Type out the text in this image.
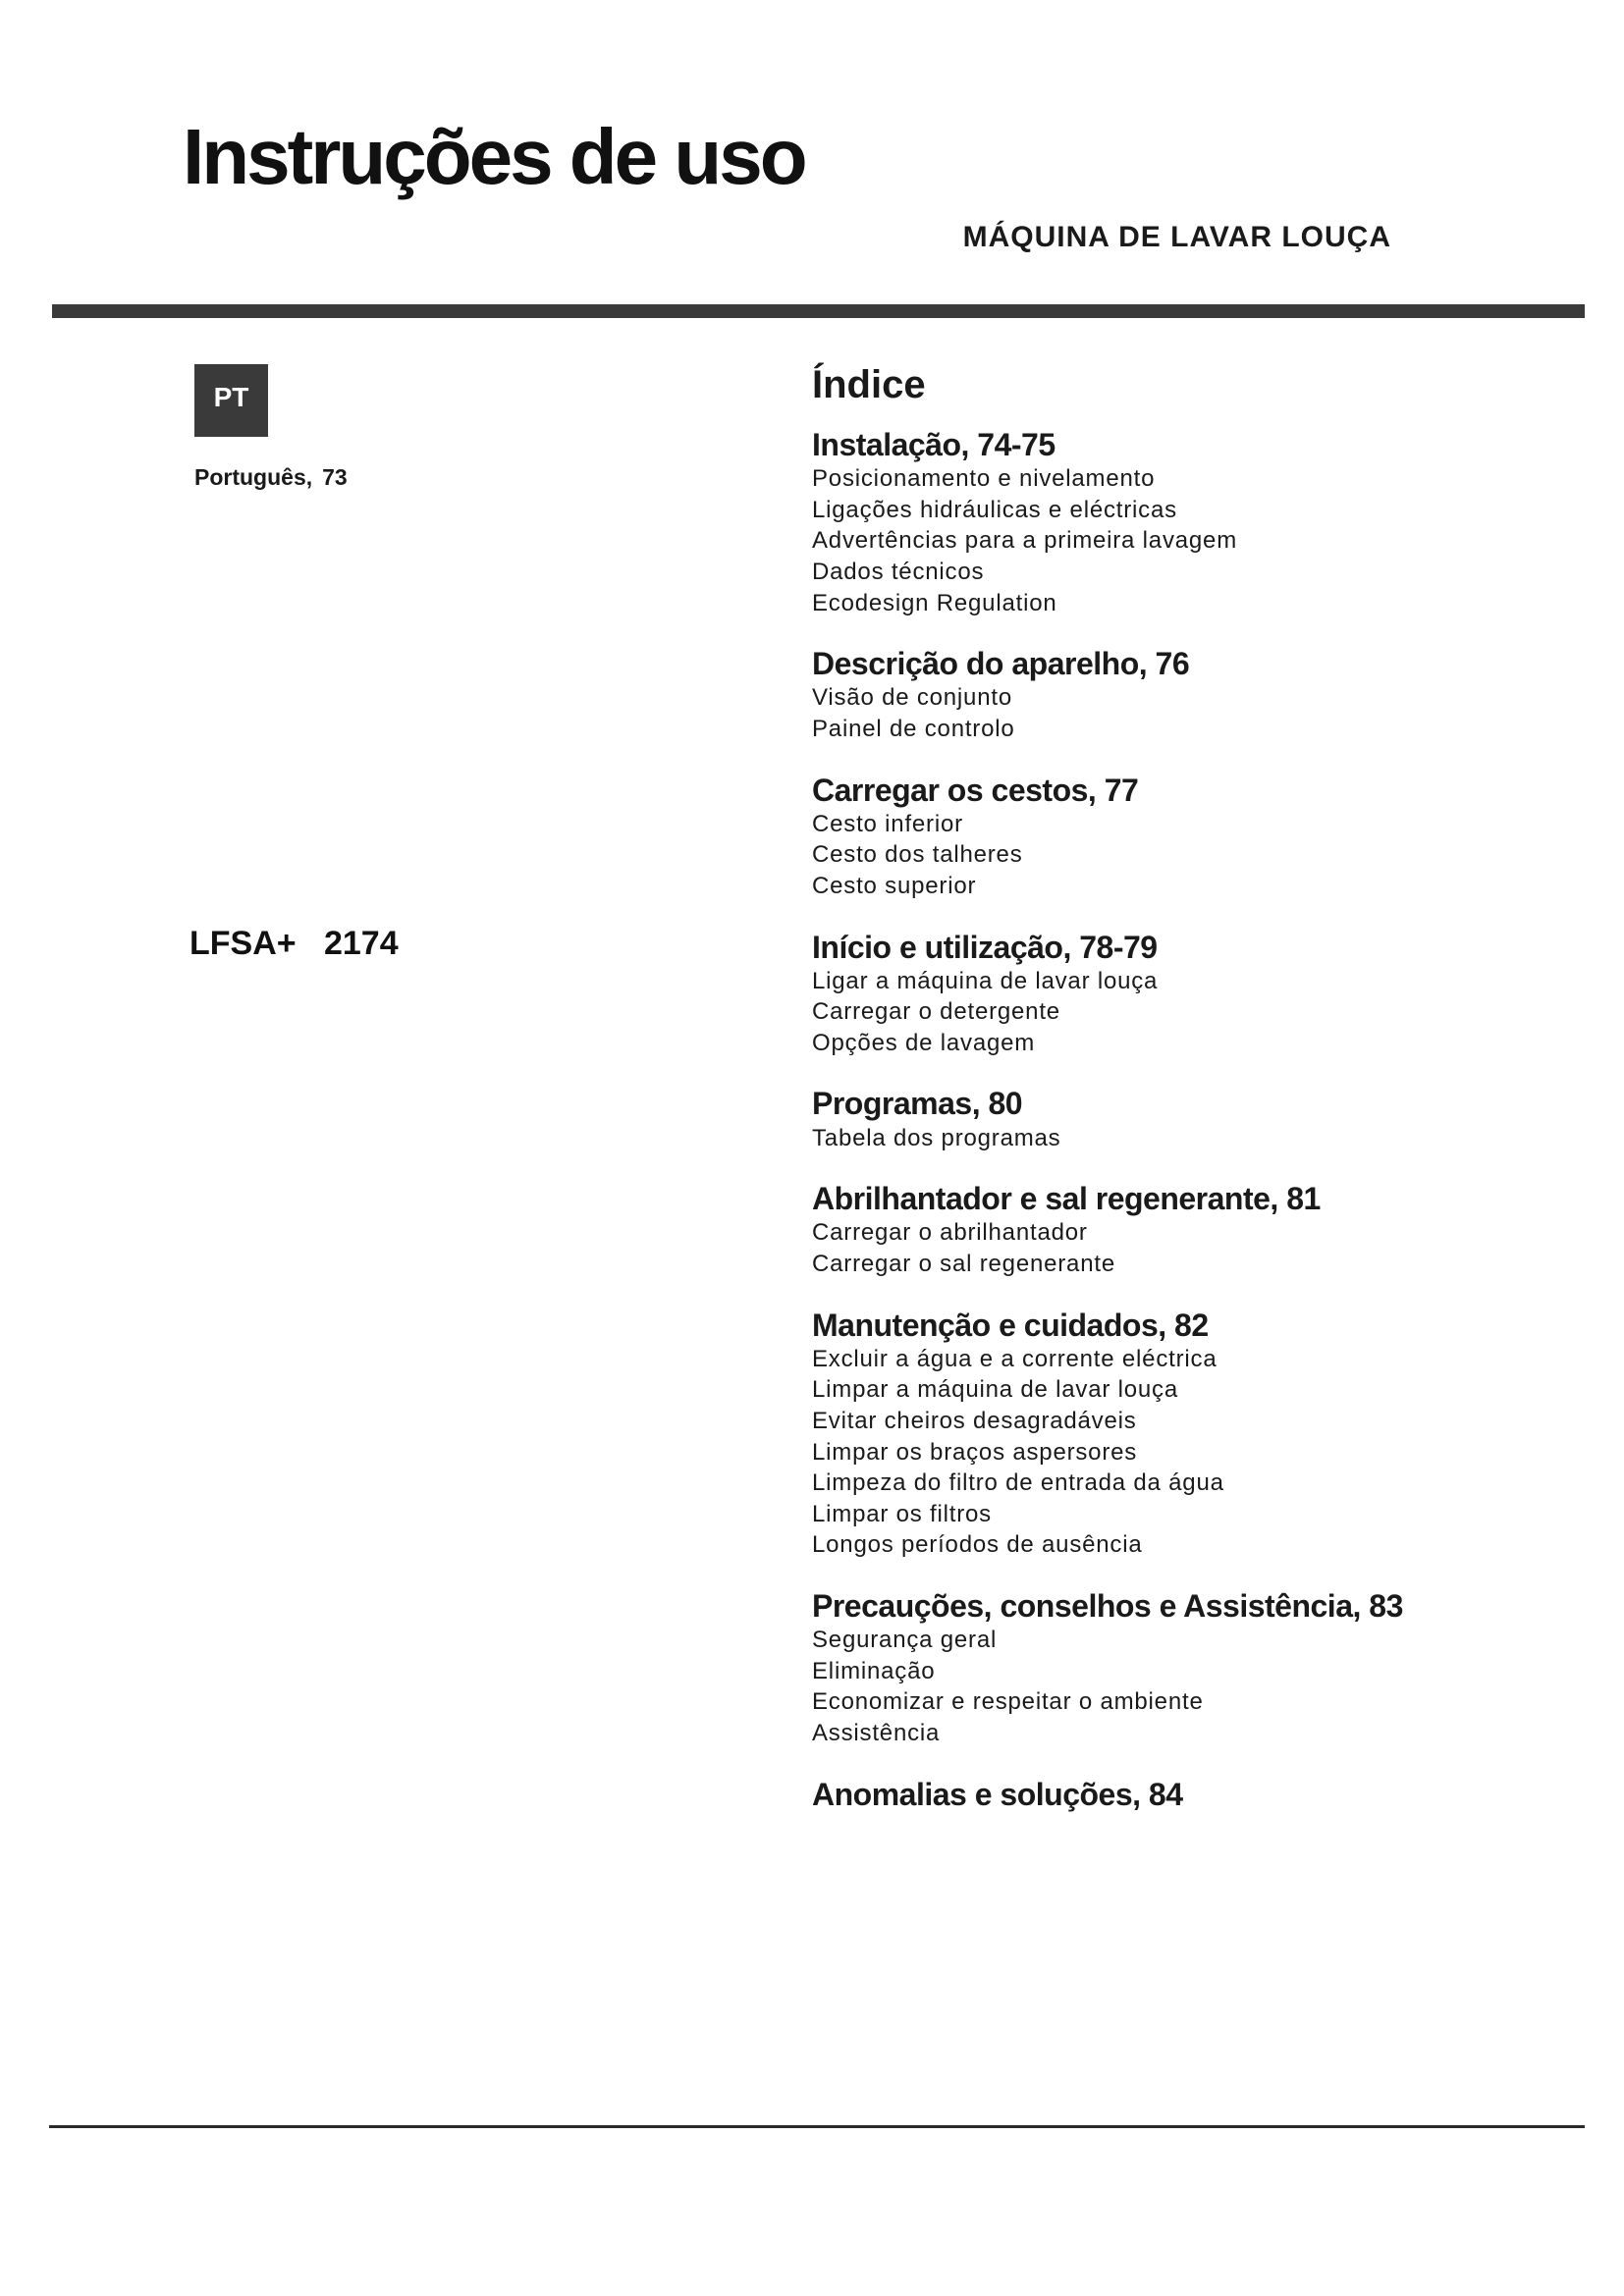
Instruções de uso
MÁQUINA DE LAVAR LOUÇA
PT
Português, 73
LFSA+   2174
Índice
Instalação, 74-75
Posicionamento e nivelamento
Ligações hidráulicas e eléctricas
Advertências para a primeira lavagem
Dados técnicos
Ecodesign Regulation
Descrição do aparelho, 76
Visão de conjunto
Painel de controlo
Carregar os cestos, 77
Cesto inferior
Cesto dos talheres
Cesto superior
Início e utilização, 78-79
Ligar a máquina de lavar louça
Carregar o detergente
Opções de lavagem
Programas, 80
Tabela dos programas
Abrilhantador e sal regenerante, 81
Carregar o abrilhantador
Carregar o sal regenerante
Manutenção e cuidados, 82
Excluir a água e a corrente eléctrica
Limpar a máquina de lavar louça
Evitar cheiros desagradáveis
Limpar os braços aspersores
Limpeza do filtro de entrada da água
Limpar os filtros
Longos períodos de ausência
Precauções, conselhos e Assistência, 83
Segurança geral
Eliminação
Economizar e respeitar o ambiente
Assistência
Anomalias e soluções, 84
